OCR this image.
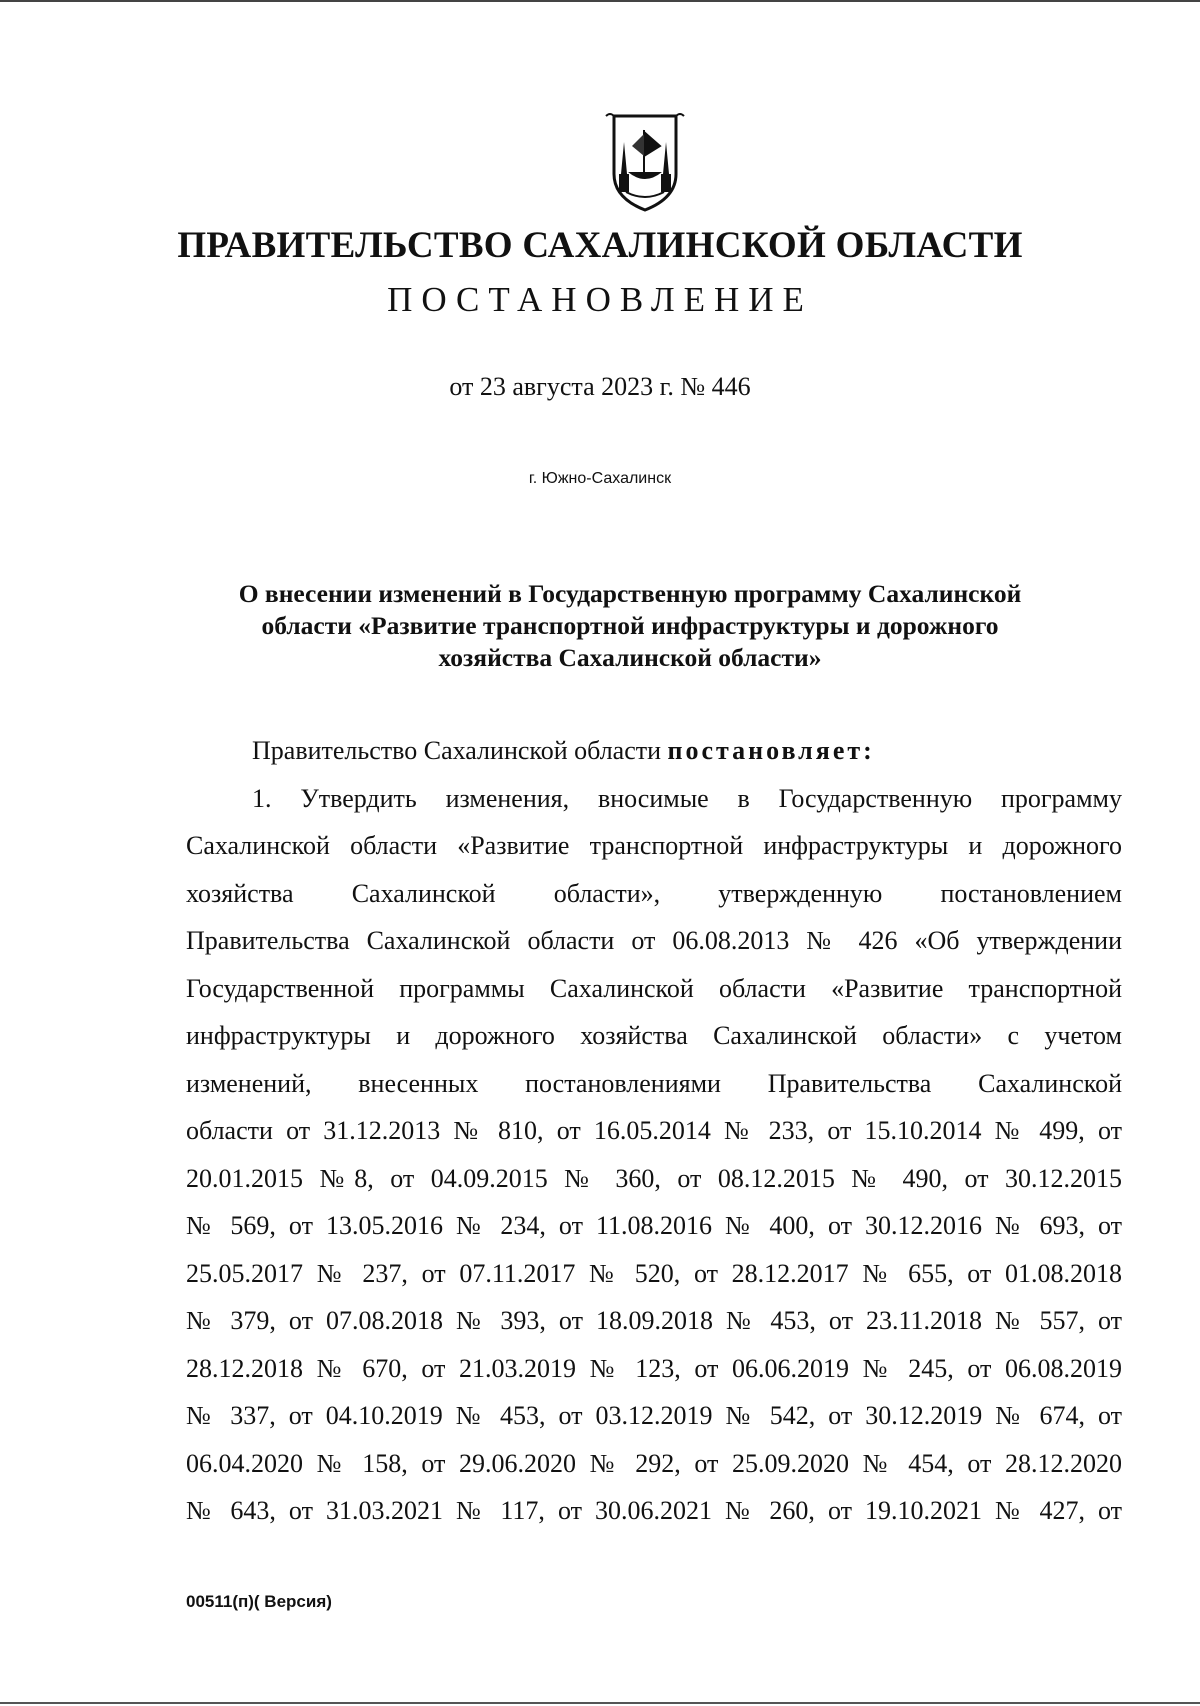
ПРАВИТЕЛЬСТВО САХАЛИНСКОЙ ОБЛАСТИ
ПОСТАНОВЛЕНИЕ
от 23 августа 2023 г. № 446
г. Южно-Сахалинск
О внесении изменений в Государственную программу Сахалинской
области «Развитие транспортной инфраструктуры и дорожного
хозяйства Сахалинской области»
Правительство Сахалинской области постановляет:
1. Утвердить изменения, вносимые в Государственную программу
Сахалинской области «Развитие транспортной инфраструктуры и дорожного
хозяйства Сахалинской области», утвержденную постановлением
Правительства Сахалинской области от 06.08.2013 № 426 «Об утверждении
Государственной программы Сахалинской области «Развитие транспортной
инфраструктуры и дорожного хозяйства Сахалинской области» с учетом
изменений, внесенных постановлениями Правительства Сахалинской
области от 31.12.2013 № 810, от 16.05.2014 № 233, от 15.10.2014 № 499, от
20.01.2015 №8, от 04.09.2015 № 360, от 08.12.2015 № 490, от 30.12.2015
№ 569, от 13.05.2016 № 234, от 11.08.2016 № 400, от 30.12.2016 № 693, от
25.05.2017 № 237, от 07.11.2017 № 520, от 28.12.2017 № 655, от 01.08.2018
№ 379, от 07.08.2018 № 393, от 18.09.2018 № 453, от 23.11.2018 № 557, от
28.12.2018 № 670, от 21.03.2019 № 123, от 06.06.2019 № 245, от 06.08.2019
№ 337, от 04.10.2019 № 453, от 03.12.2019 № 542, от 30.12.2019 № 674, от
06.04.2020 № 158, от 29.06.2020 № 292, от 25.09.2020 № 454, от 28.12.2020
№ 643, от 31.03.2021 № 117, от 30.06.2021 № 260, от 19.10.2021 № 427, от
00511(п)( Версия)
